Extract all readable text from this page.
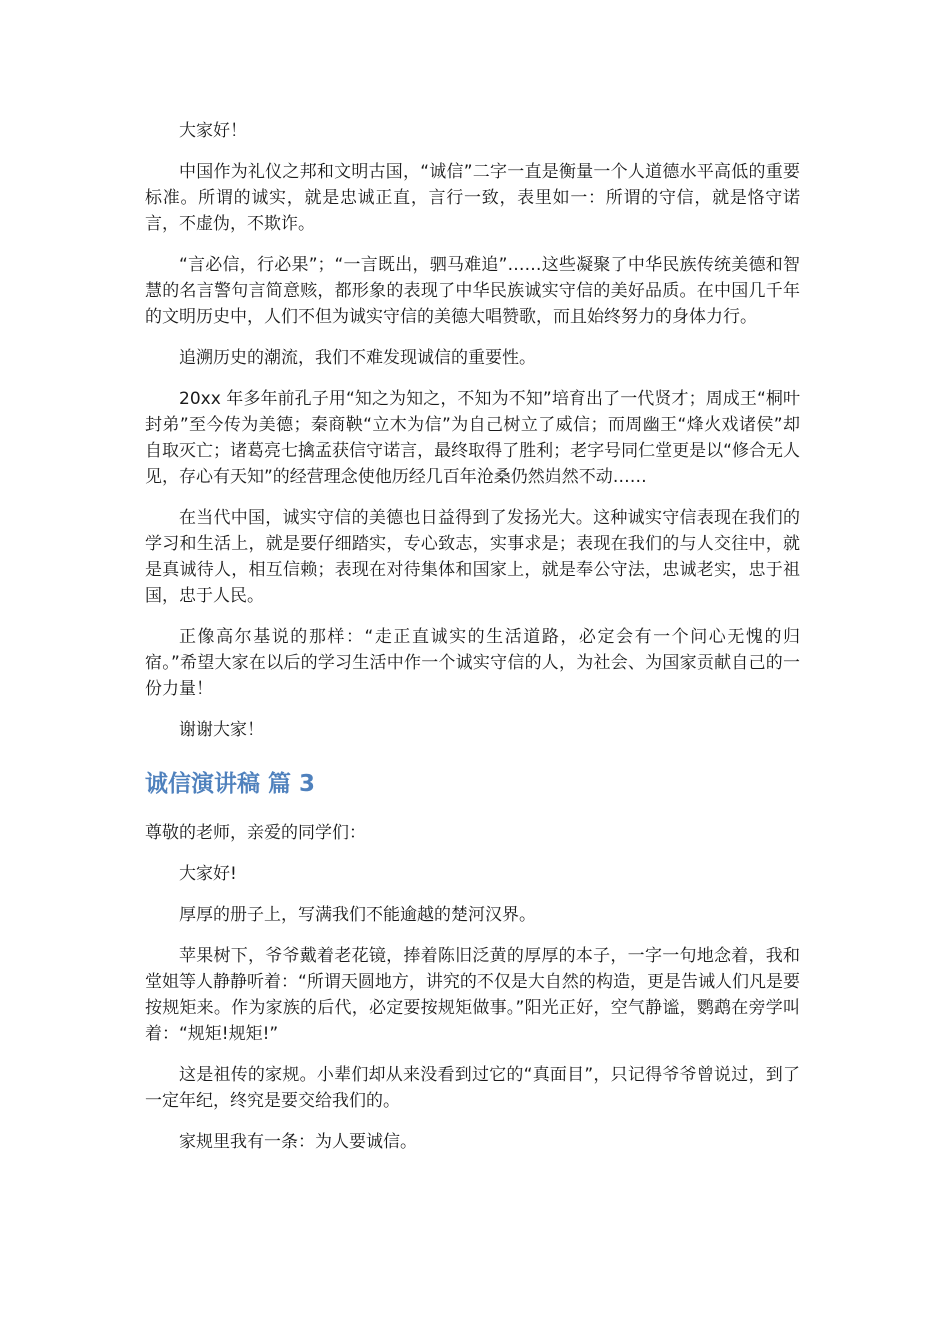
大家好！

中国作为礼仪之邦和文明古国，“诚信”二字一直是衡量一个人道德水平高低的重要标准。所谓的诚实，就是忠诚正直，言行一致，表里如一：所谓的守信，就是恪守诺言，不虚伪，不欺诈。

“言必信，行必果”；“一言既出，驷马难追”……这些凝聚了中华民族传统美德和智慧的名言警句言简意赅，都形象的表现了中华民族诚实守信的美好品质。在中国几千年的文明历史中，人们不但为诚实守信的美德大唱赞歌，而且始终努力的身体力行。

追溯历史的潮流，我们不难发现诚信的重要性。

20xx 年多年前孔子用“知之为知之，不知为不知”培育出了一代贤才；周成王“桐叶封弟”至今传为美德；秦商鞅“立木为信”为自己树立了威信；而周幽王“烽火戏诸侯”却自取灭亡；诸葛亮七擒孟获信守诺言，最终取得了胜利；老字号同仁堂更是以“修合无人见，存心有天知”的经营理念使他历经几百年沧桑仍然岿然不动……

在当代中国，诚实守信的美德也日益得到了发扬光大。这种诚实守信表现在我们的学习和生活上，就是要仔细踏实，专心致志，实事求是；表现在我们的与人交往中，就是真诚待人，相互信赖；表现在对待集体和国家上，就是奉公守法，忠诚老实，忠于祖国，忠于人民。

正像高尔基说的那样：“走正直诚实的生活道路，必定会有一个问心无愧的归宿。”希望大家在以后的学习生活中作一个诚实守信的人，为社会、为国家贡献自己的一份力量！

谢谢大家！

诚信演讲稿 篇 3

尊敬的老师，亲爱的同学们：

大家好!

厚厚的册子上，写满我们不能逾越的楚河汉界。

苹果树下，爷爷戴着老花镜，捧着陈旧泛黄的厚厚的本子，一字一句地念着，我和堂姐等人静静听着：“所谓天圆地方，讲究的不仅是大自然的构造，更是告诫人们凡是要按规矩来。作为家族的后代，必定要按规矩做事。”阳光正好，空气静谧，鹦鹉在旁学叫着：“规矩!规矩!”

这是祖传的家规。小辈们却从来没看到过它的“真面目”，只记得爷爷曾说过，到了一定年纪，终究是要交给我们的。

家规里我有一条：为人要诚信。
